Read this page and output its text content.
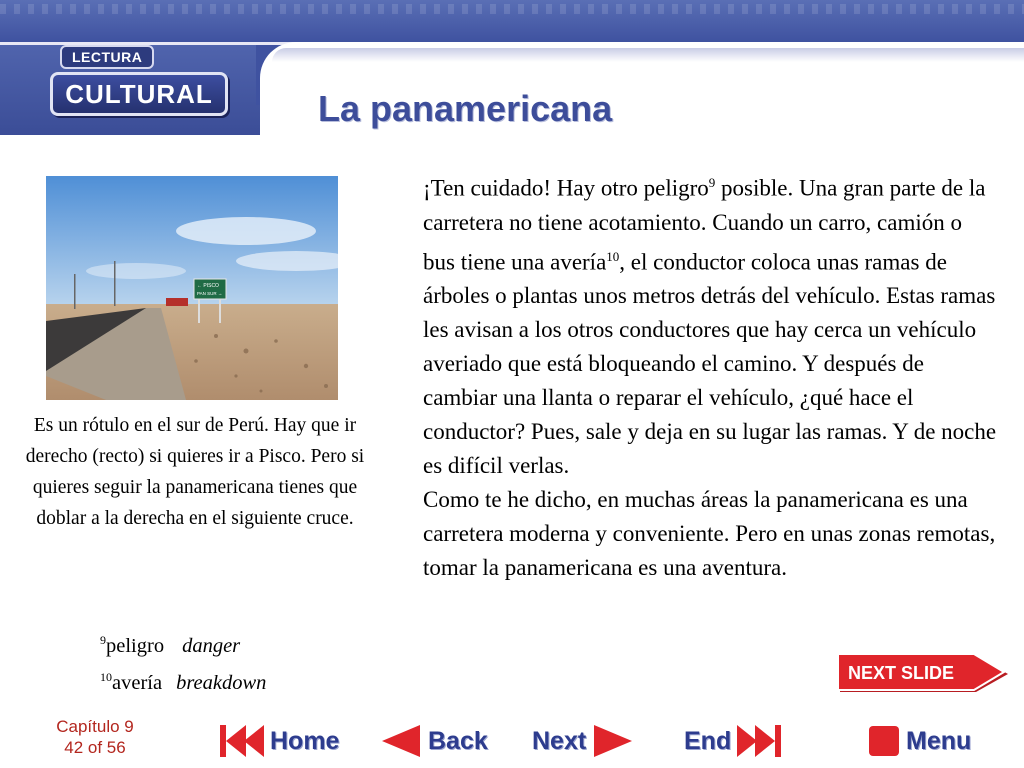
LECTURA
CULTURAL	La panamericana
← PISCO
PAN SUR →
Es un rótulo en el sur de Perú. Hay que ir derecho (recto) si quieres ir a Pisco. Pero si quieres seguir la panamericana tienes que doblar a la derecha en el siguiente cruce.
$^9$peligro danger
$^{10}$avería breakdown

¡Ten cuidado! Hay otro peligro$^9$ posible. Una gran parte de la carretera no tiene acotamiento. Cuando un carro, camión o bus tiene una avería$^{10}$, el conductor coloca unas ramas de árboles o plantas unos metros detrás del vehículo. Estas ramas les avisan a los otros conductores que hay cerca un vehículo averiado que está bloqueando el camino. Y después de cambiar una llanta o reparar el vehículo, ¿qué hace el conductor? Pues, sale y deja en su lugar las ramas. Y de noche es difícil verlas.

Como te he dicho, en muchas áreas la panamericana es una carretera moderna y conveniente. Pero en unas zonas remotas, tomar la panamericana es una aventura.

NEXT SLIDE
Capítulo 9
42 of 56	Home	Back Next	End	Menu
